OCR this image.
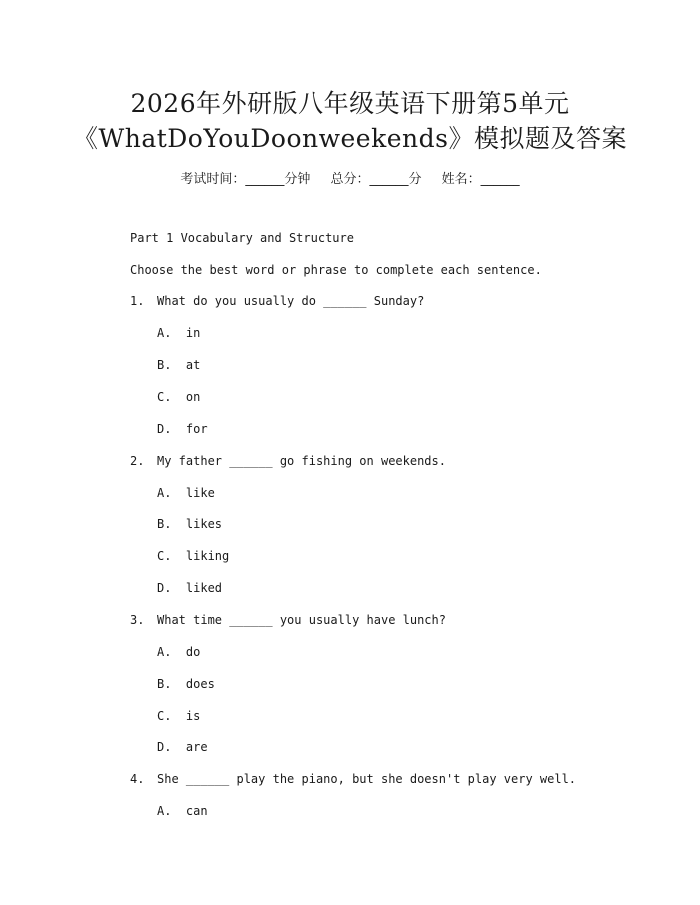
2026年外研版八年级英语下册第5单元
《WhatDoYouDoonweekends》模拟题及答案
考试时间：______分钟 总分：______分 姓名：______
Part 1 Vocabulary and Structure
Choose the best word or phrase to complete each sentence.
1. What do you usually do ______ Sunday?
A.  in
B.  at
C.  on
D.  for
2. My father ______ go fishing on weekends.
A.  like
B.  likes
C.  liking
D.  liked
3. What time ______ you usually have lunch?
A.  do
B.  does
C.  is
D.  are
4. She ______ play the piano, but she doesn't play very well.
A.  can
